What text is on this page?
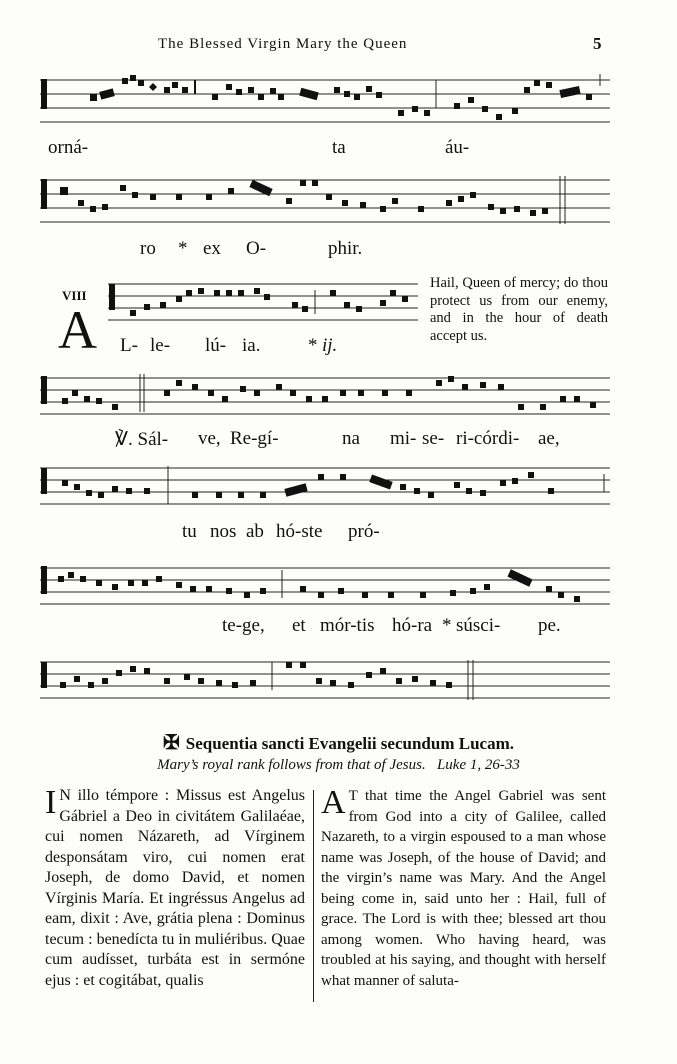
The Blessed Virgin Mary the Queen	5
orná-	ta	áu-
ro * ex O-	phir.
VIII
A L- le- lú- ia.	* ij.
Hail, Queen of mercy; do thou protect us from our enemy, and in the hour of death accept us.
℣. Sál- ve, Re-gí-	na mi- se- ri-córdi- ae,
tu nos ab hó-ste pró-
te-ge, et mór-tis hó-ra * súsci- pe.
✠ Sequentia sancti Evangelii secundum Lucam.
Mary’s royal rank follows from that of Jesus. Luke 1, 26-33

I N illo témpore : Missus est Angelus Gábriel a Deo in civitátem Galilaéae, cui nomen Názareth, ad Vírginem desponsátam viro, cui nomen erat Joseph, de domo David, et nomen Vírginis María. Et ingréssus Angelus ad eam, dixit : Ave, grátia plena : Dominus tecum : benedícta tu in muliéribus. Quae cum audísset, turbáta est in sermóne ejus : et cogitábat, qualis

A T that time the Angel Gabriel was sent from God into a city of Galilee, called Nazareth, to a virgin espoused to a man whose name was Joseph, of the house of David; and the virgin’s name was Mary. And the Angel being come in, said unto her : Hail, full of grace. The Lord is with thee; blessed art thou among women. Who having heard, was troubled at his saying, and thought with herself what manner of saluta-
